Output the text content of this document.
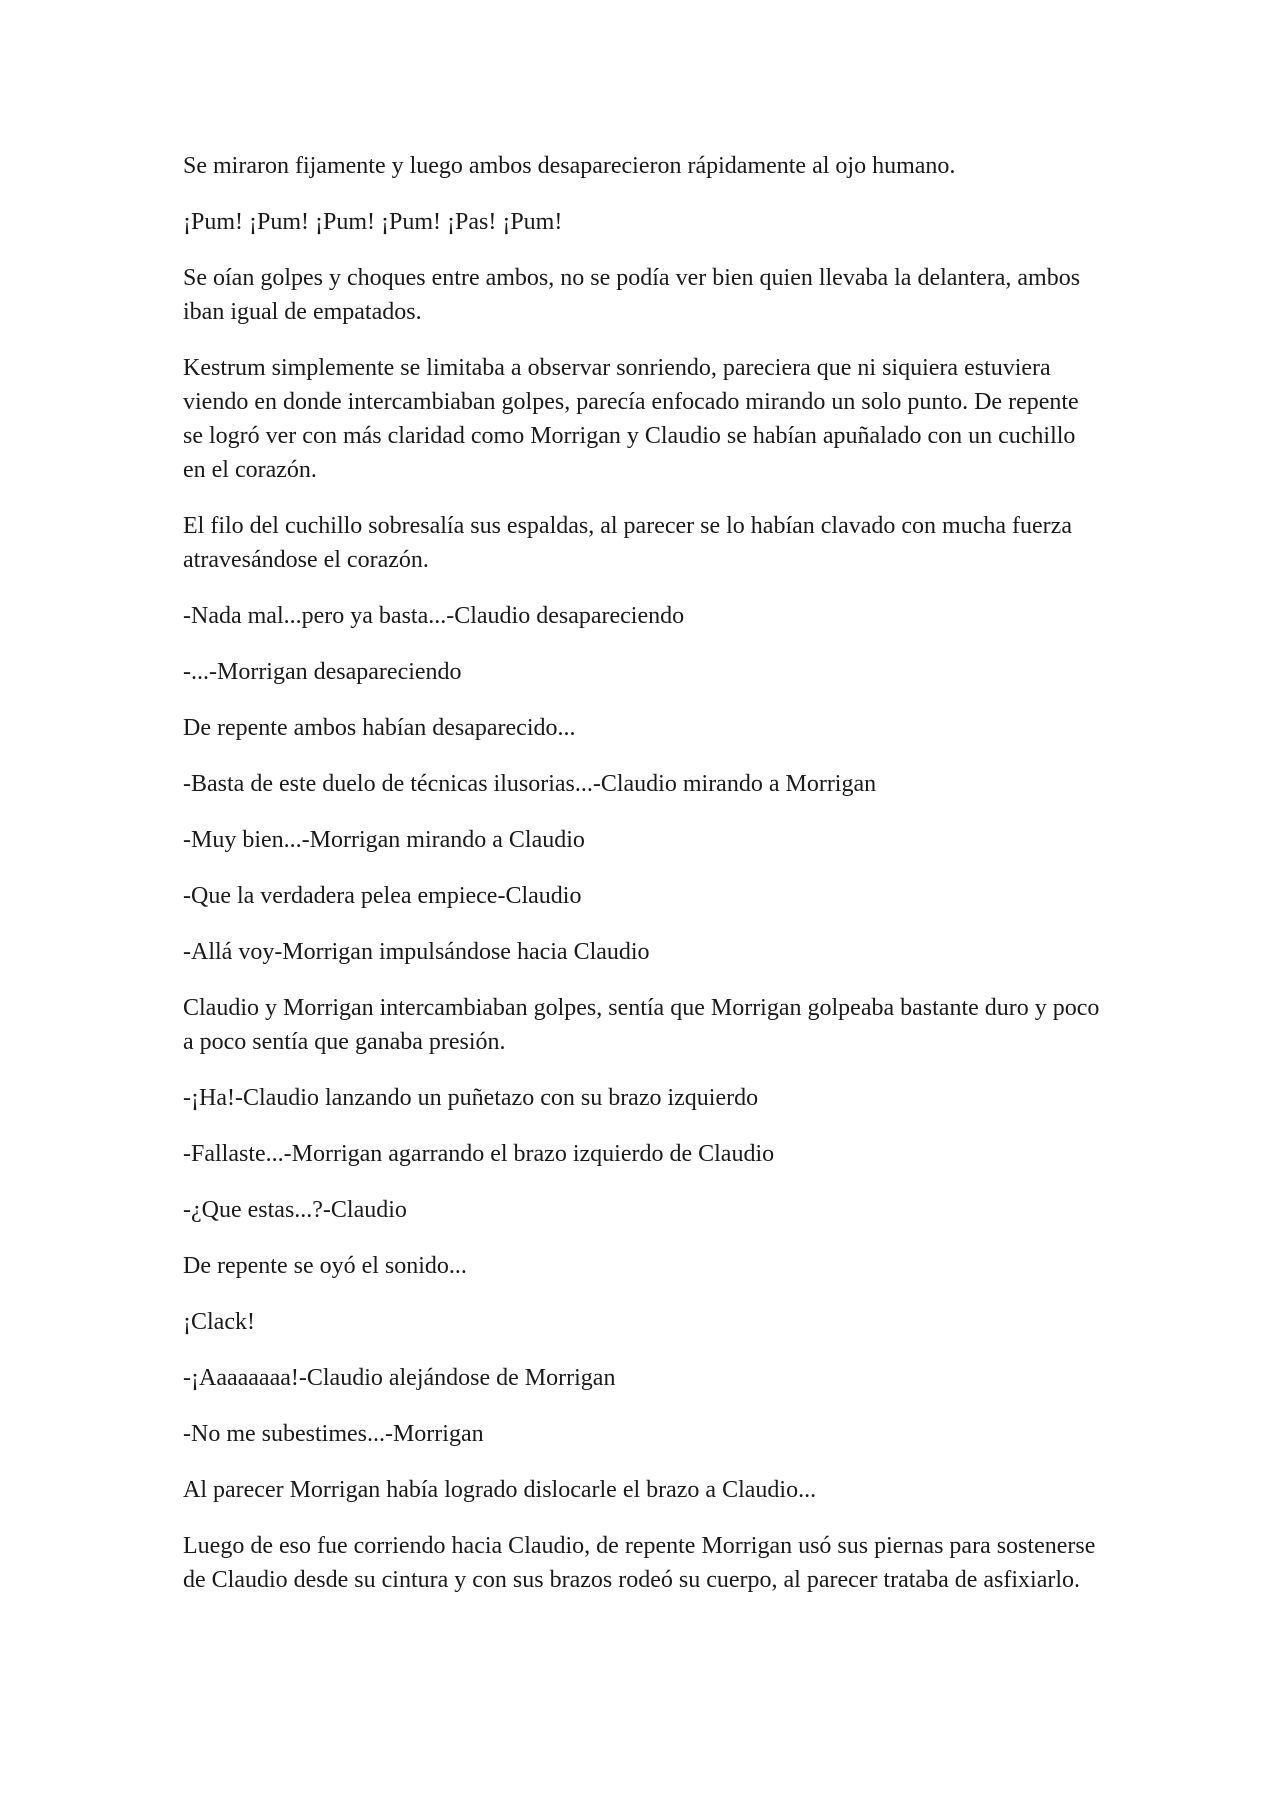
Se miraron fijamente y luego ambos desaparecieron rápidamente al ojo humano.

¡Pum! ¡Pum! ¡Pum! ¡Pum! ¡Pas! ¡Pum!

Se oían golpes y choques entre ambos, no se podía ver bien quien llevaba la delantera, ambos iban igual de empatados.

Kestrum simplemente se limitaba a observar sonriendo, pareciera que ni siquiera estuviera viendo en donde intercambiaban golpes, parecía enfocado mirando un solo punto. De repente se logró ver con más claridad como Morrigan y Claudio se habían apuñalado con un cuchillo en el corazón.

El filo del cuchillo sobresalía sus espaldas, al parecer se lo habían clavado con mucha fuerza atravesándose el corazón.

-Nada mal...pero ya basta...-Claudio desapareciendo

-...-Morrigan desapareciendo

De repente ambos habían desaparecido...

-Basta de este duelo de técnicas ilusorias...-Claudio mirando a Morrigan

-Muy bien...-Morrigan mirando a Claudio

-Que la verdadera pelea empiece-Claudio

-Allá voy-Morrigan impulsándose hacia Claudio

Claudio y Morrigan intercambiaban golpes, sentía que Morrigan golpeaba bastante duro y poco a poco sentía que ganaba presión.

-¡Ha!-Claudio lanzando un puñetazo con su brazo izquierdo

-Fallaste...-Morrigan agarrando el brazo izquierdo de Claudio

-¿Que estas...?-Claudio

De repente se oyó el sonido...

¡Clack!

-¡Aaaaaaaa!-Claudio alejándose de Morrigan

-No me subestimes...-Morrigan

Al parecer Morrigan había logrado dislocarle el brazo a Claudio...

Luego de eso fue corriendo hacia Claudio, de repente Morrigan usó sus piernas para sostenerse de Claudio desde su cintura y con sus brazos rodeó su cuerpo, al parecer trataba de asfixiarlo.
